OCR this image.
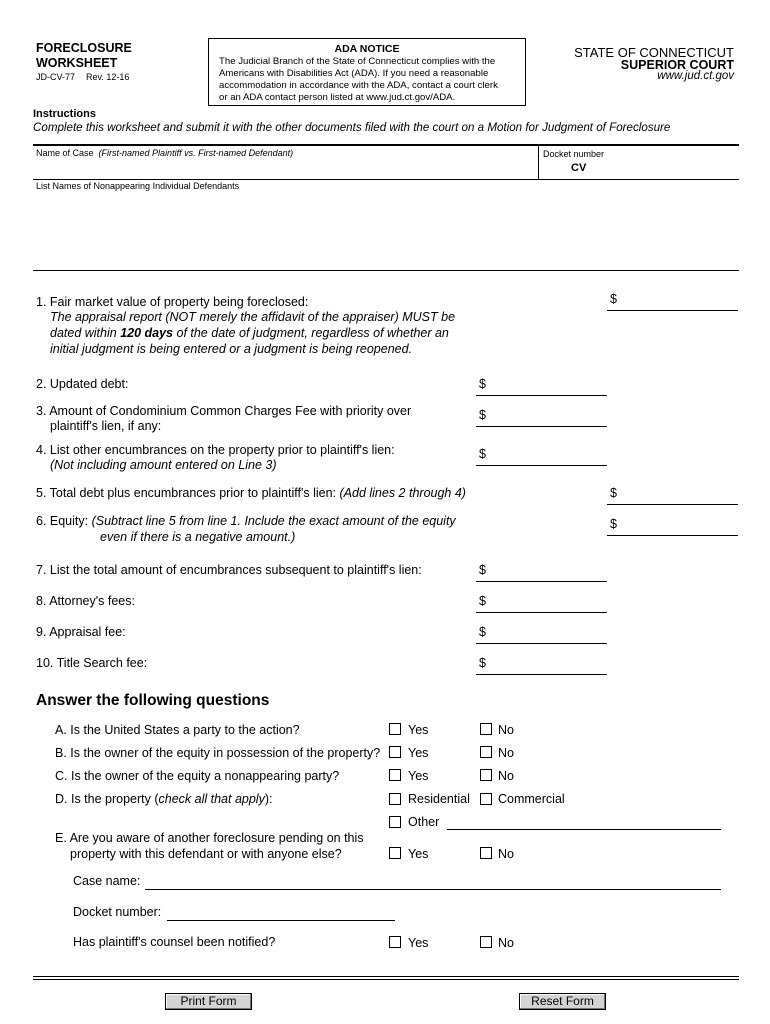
FORECLOSURE
WORKSHEET
JD-CV-77 Rev. 12-16
ADA NOTICE
The Judicial Branch of the State of Connecticut complies with the
Americans with Disabilities Act (ADA). If you need a reasonable
accommodation in accordance with the ADA, contact a court clerk
or an ADA contact person listed at www.jud.ct.gov/ADA.
STATE OF CONNECTICUT
SUPERIOR COURT
www.jud.ct.gov
Instructions
Complete this worksheet and submit it with the other documents filed with the court on a Motion for Judgment of Foreclosure
Name of Case (First-named Plaintiff vs. First-named Defendant)	Docket number
CV
List Names of Nonappearing Individual Defendants
1. Fair market value of property being foreclosed:
The appraisal report (NOT merely the affidavit of the appraiser) MUST be
dated within 120 days of the date of judgment, regardless of whether an
initial judgment is being entered or a judgment is being reopened.
$
2. Updated debt:	$
3. Amount of Condominium Common Charges Fee with priority over
plaintiff's lien, if any:
$
4. List other encumbrances on the property prior to plaintiff's lien:
(Not including amount entered on Line 3)
$
5. Total debt plus encumbrances prior to plaintiff's lien: (Add lines 2 through 4)	$
6. Equity: (Subtract line 5 from line 1. Include the exact amount of the equity
even if there is a negative amount.)
$
7. List the total amount of encumbrances subsequent to plaintiff's lien:	$
8. Attorney's fees:	$
9. Appraisal fee:	$
10. Title Search fee:	$
Answer the following questions
A. Is the United States a party to the action?	Yes	No
B. Is the owner of the equity in possession of the property? Yes	No
C. Is the owner of the equity a nonappearing party?	Yes	No
D. Is the property (check all that apply):	Residential Commercial
Other
E. Are you aware of another foreclosure pending on this
property with this defendant or with anyone else?	Yes	No
Case name:
Docket number:
Has plaintiff's counsel been notified?	Yes	No
Print Form	Reset Form
